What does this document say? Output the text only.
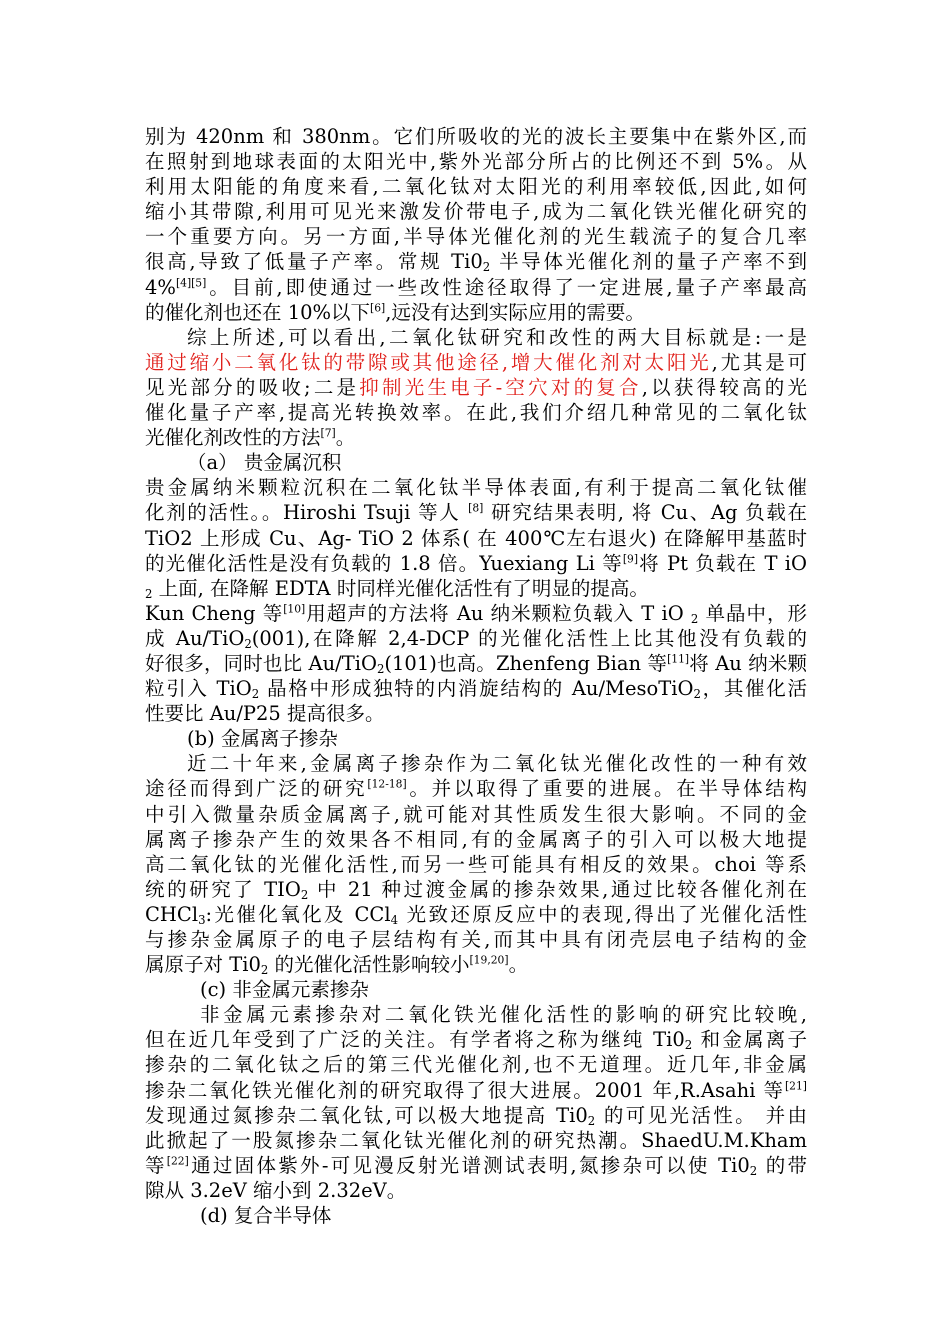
别为 420nm 和 380nm。它们所吸收的光的波长主要集中在紫外区,而
在照射到地球表面的太阳光中,紫外光部分所占的比例还不到 5%。从
利用太阳能的角度来看,二氧化钛对太阳光的利用率较低,因此,如何
缩小其带隙,利用可见光来激发价带电子,成为二氧化铁光催化研究的
一个重要方向。另一方面,半导体光催化剂的光生载流子的复合几率
很高,导致了低量子产率。常规 $Ti0_2$ 半导体光催化剂的量子产率不到
4%[4][5]。目前,即使通过一些改性途径取得了一定进展,量子产率最高
的催化剂也还在 10%以下[6],远没有达到实际应用的需要。
综上所述,可以看出,二氧化钛研究和改性的两大目标就是:一是
通过缩小二氧化钛的带隙或其他途径,增大催化剂对太阳光,尤其是可
见光部分的吸收;二是抑制光生电子-空穴对的复合,以获得较高的光
催化量子产率,提高光转换效率。在此,我们介绍几种常见的二氧化钛
光催化剂改性的方法[7]。
（a） 贵金属沉积
贵金属纳米颗粒沉积在二氧化钛半导体表面,有利于提高二氧化钛催
化剂的活性。。Hiroshi Tsuji 等人 [8] 研究结果表明, 将 Cu、Ag 负载在
TiO2 上形成 Cu、Ag- TiO 2 体系( 在 400℃左右退火) 在降解甲基蓝时
的光催化活性是没有负载的 1.8 倍。Yuexiang Li 等[9]将 Pt 负载在 T iO
$_2$ 上面, 在降解 EDTA 时同样光催化活性有了明显的提高。
Kun Cheng 等[10]用超声的方法将 Au 纳米颗粒负载入 T iO $_2$ 单晶中，形
成 Au/TiO$_2$(001),在降解 2,4-DCP 的光催化活性上比其他没有负载的
好很多，同时也比 Au/TiO$_2$(101)也高。Zhenfeng Bian 等[11]将 Au 纳米颗
粒引入 TiO$_2$ 晶格中形成独特的内消旋结构的 Au/MesoTiO$_2$，其催化活
性要比 Au/P25 提高很多。
(b) 金属离子掺杂
近二十年来,金属离子掺杂作为二氧化钛光催化改性的一种有效
途径而得到广泛的研究[12-18]。并以取得了重要的进展。在半导体结构
中引入微量杂质金属离子,就可能对其性质发生很大影响。不同的金
属离子掺杂产生的效果各不相同,有的金属离子的引入可以极大地提
高二氧化钛的光催化活性,而另一些可能具有相反的效果。choi 等系
统的研究了 $TIO_2$ 中 21 种过渡金属的掺杂效果,通过比较各催化剂在
CHCl$_3$:光催化氧化及 CCl$_4$ 光致还原反应中的表现,得出了光催化活性
与掺杂金属原子的电子层结构有关,而其中具有闭壳层电子结构的金
属原子对 $Ti0_2$ 的光催化活性影响较小[19,20]。
(c) 非金属元素掺杂
非金属元素掺杂对二氧化铁光催化活性的影响的研究比较晚,
但在近几年受到了广泛的关注。有学者将之称为继纯 $Ti0_2$ 和金属离子
掺杂的二氧化钛之后的第三代光催化剂,也不无道理。近几年,非金属
掺杂二氧化铁光催化剂的研究取得了很大进展。2001 年,R.Asahi 等[21]
发现通过氮掺杂二氧化钛,可以极大地提高 $Ti0_2$ 的可见光活性。 并由
此掀起了一股氮掺杂二氧化钛光催化剂的研究热潮。ShaedU.M.Kham
等[22]通过固体紫外-可见漫反射光谱测试表明,氮掺杂可以使 $Ti0_2$ 的带
隙从 3.2eV 缩小到 2.32eV。
(d) 复合半导体
